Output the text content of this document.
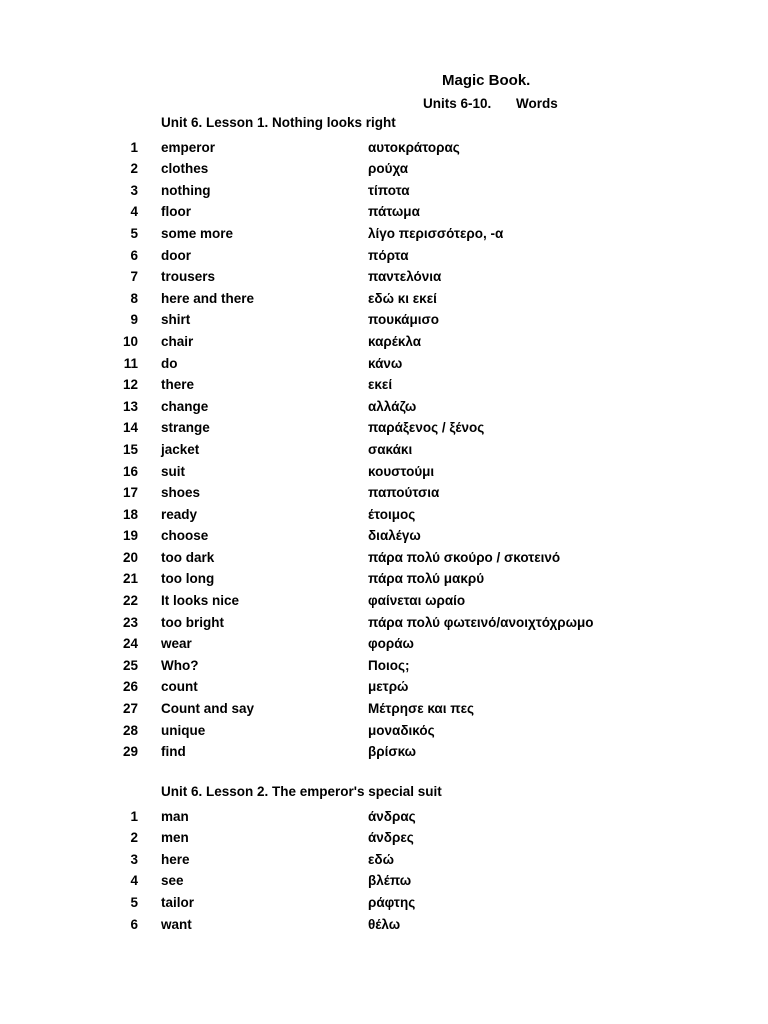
Magic Book.
Units 6-10. Words
Unit 6. Lesson 1. Nothing looks right
1 emperor	αυτοκράτορας
2 clothes	ρούχα
3 nothing	τίποτα
4 floor	πάτωμα
5 some more	λίγο περισσότερο, -α
6 door	πόρτα
7 trousers	παντελόνια
8 here and there	εδώ κι εκεί
9 shirt	πουκάμισο
10 chair	καρέκλα
11 do	κάνω
12 there	εκεί
13 change	αλλάζω
14 strange	παράξενος / ξένος
15 jacket	σακάκι
16 suit	κουστούμι
17 shoes	παπούτσια
18 ready	έτοιμος
19 choose	διαλέγω
20 too dark	πάρα πολύ σκούρο / σκοτεινό
21 too long	πάρα πολύ μακρύ
22 It looks nice	φαίνεται ωραίο
23 too bright	πάρα πολύ φωτεινό/ανοιχτόχρωμο
24 wear	φοράω
25 Who?	Ποιος;
26 count	μετρώ
27 Count and say	Μέτρησε και πες
28 unique	μοναδικός
29 find	βρίσκω
Unit 6. Lesson 2. The emperor's special suit
1 man	άνδρας
2 men	άνδρες
3 here	εδώ
4 see	βλέπω
5 tailor	ράφτης
6 want	θέλω
